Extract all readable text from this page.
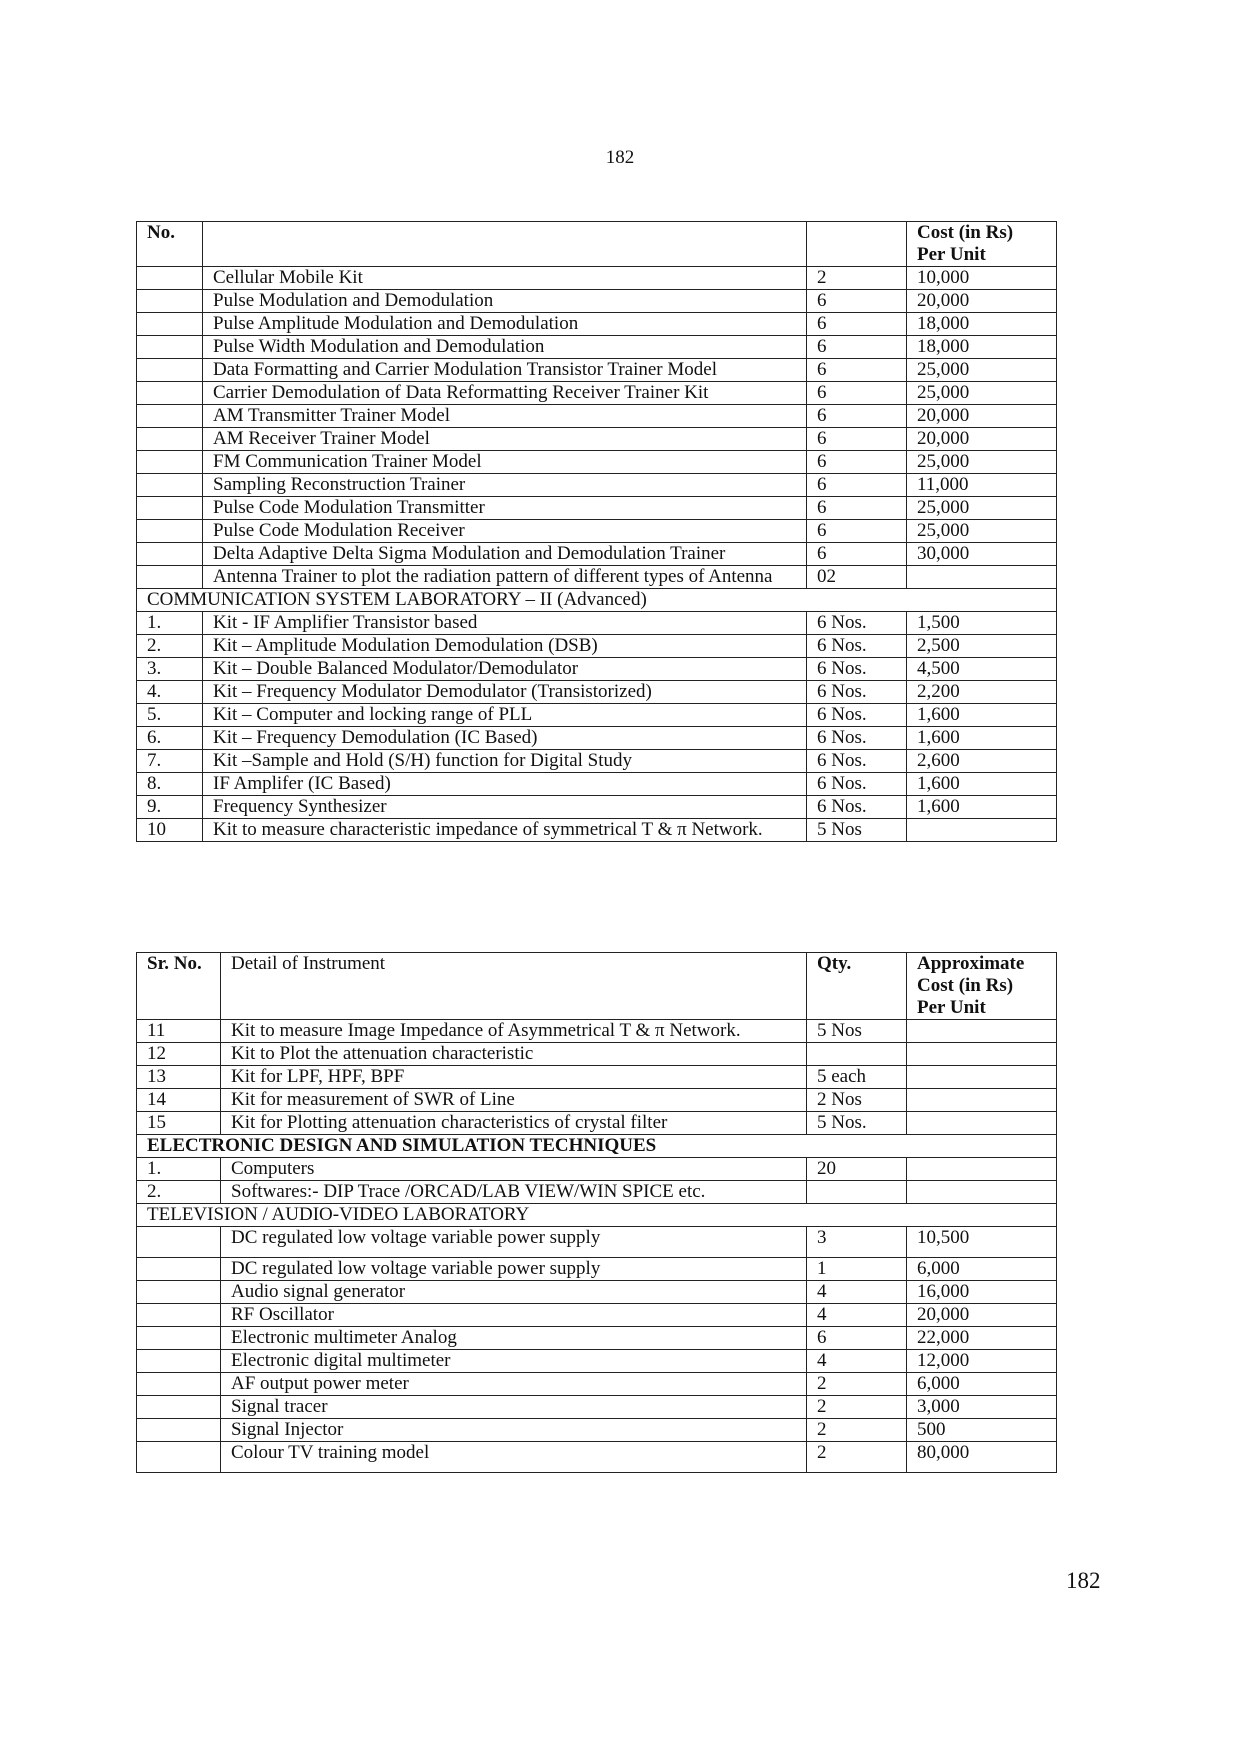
182
No.			Cost (in Rs) Per Unit
	Cellular Mobile Kit	2	10,000
	Pulse Modulation and Demodulation	6	20,000
	Pulse Amplitude Modulation and Demodulation	6	18,000
	Pulse Width Modulation and Demodulation	6	18,000
	Data Formatting and Carrier Modulation Transistor Trainer Model	6	25,000
	Carrier Demodulation of Data Reformatting Receiver Trainer Kit	6	25,000
	AM Transmitter Trainer Model	6	20,000
	AM Receiver Trainer Model	6	20,000
	FM Communication Trainer Model	6	25,000
	Sampling Reconstruction Trainer	6	11,000
	Pulse Code Modulation Transmitter	6	25,000
	Pulse Code Modulation Receiver	6	25,000
	Delta Adaptive Delta Sigma Modulation and Demodulation Trainer	6	30,000
	Antenna Trainer to plot the radiation pattern of different types of Antenna	02	
COMMUNICATION SYSTEM LABORATORY – II (Advanced)			
1.	Kit - IF Amplifier Transistor based	6 Nos.	1,500
2.	Kit – Amplitude Modulation Demodulation (DSB)	6 Nos.	2,500
3.	Kit – Double Balanced Modulator/Demodulator	6 Nos.	4,500
4.	Kit – Frequency Modulator Demodulator (Transistorized)	6 Nos.	2,200
5.	Kit – Computer and locking range of PLL	6 Nos.	1,600
6.	Kit – Frequency Demodulation (IC Based)	6 Nos.	1,600
7.	Kit –Sample and Hold (S/H) function for Digital Study	6 Nos.	2,600
8.	IF Amplifer (IC Based)	6 Nos.	1,600
9.	Frequency Synthesizer	6 Nos.	1,600
10	Kit to measure characteristic impedance of symmetrical T & π Network.	5 Nos	
Sr. No.	Detail of Instrument	Qty.	Approximate Cost (in Rs) Per Unit
11	Kit to measure Image Impedance of Asymmetrical T & π Network.	5 Nos	
12	Kit to Plot the attenuation characteristic		
13	Kit for LPF, HPF, BPF	5 each	
14	Kit for measurement of SWR of Line	2 Nos	
15	Kit for Plotting attenuation characteristics of crystal filter	5 Nos.	
ELECTRONIC DESIGN AND SIMULATION TECHNIQUES			
1.	Computers	20	
2.	Softwares:- DIP Trace /ORCAD/LAB VIEW/WIN SPICE etc.		
TELEVISION / AUDIO-VIDEO LABORATORY			
	DC regulated low voltage variable power supply	3	10,500
	DC regulated low voltage variable power supply	1	6,000
	Audio signal generator	4	16,000
	RF Oscillator	4	20,000
	Electronic multimeter Analog	6	22,000
	Electronic digital multimeter	4	12,000
	AF output power meter	2	6,000
	Signal tracer	2	3,000
	Signal Injector	2	500
	Colour TV training model	2	80,000
182
